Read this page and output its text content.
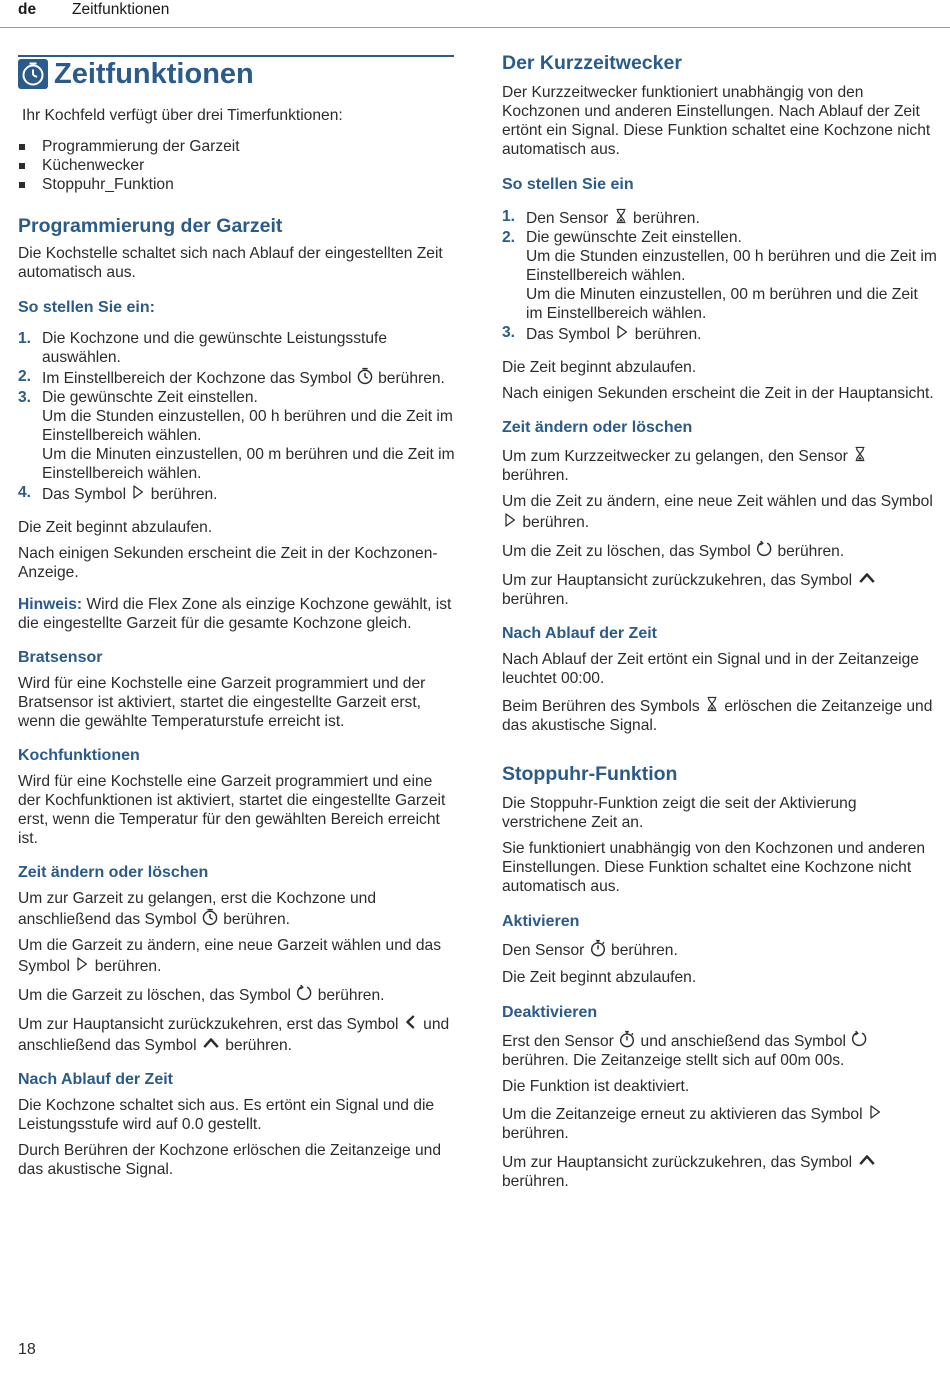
de Zeitfunktionen
Zeitfunktionen

Ihr Kochfeld verfügt über drei Timerfunktionen:

Programmierung der Garzeit
Küchenwecker
Stoppuhr_Funktion
Programmierung der Garzeit

Die Kochstelle schaltet sich nach Ablauf der eingestellten Zeit automatisch aus.

So stellen Sie ein:
1. Die Kochzone und die gewünschte Leistungsstufe auswählen.
2. Im Einstellbereich der Kochzone das Symbol berühren.
3. Die gewünschte Zeit einstellen.
Um die Stunden einzustellen, 00 h berühren und die Zeit im Einstellbereich wählen.
Um die Minuten einzustellen, 00 m berühren und die Zeit im Einstellbereich wählen.
4. Das Symbol berühren.

Die Zeit beginnt abzulaufen.

Nach einigen Sekunden erscheint die Zeit in der Kochzonen-Anzeige.

Hinweis: Wird die Flex Zone als einzige Kochzone gewählt, ist die eingestellte Garzeit für die gesamte Kochzone gleich.

Bratsensor

Wird für eine Kochstelle eine Garzeit programmiert und der Bratsensor ist aktiviert, startet die eingestellte Garzeit erst, wenn die gewählte Temperaturstufe erreicht ist.

Kochfunktionen

Wird für eine Kochstelle eine Garzeit programmiert und eine der Kochfunktionen ist aktiviert, startet die eingestellte Garzeit erst, wenn die Temperatur für den gewählten Bereich erreicht ist.

Zeit ändern oder löschen

Um zur Garzeit zu gelangen, erst die Kochzone und anschließend das Symbol berühren.

Um die Garzeit zu ändern, eine neue Garzeit wählen und das Symbol berühren.

Um die Garzeit zu löschen, das Symbol berühren.

Um zur Hauptansicht zurückzukehren, erst das Symbol und anschließend das Symbol berühren.

Nach Ablauf der Zeit

Die Kochzone schaltet sich aus. Es ertönt ein Signal und die Leistungsstufe wird auf 0.0 gestellt.

Durch Berühren der Kochzone erlöschen die Zeitanzeige und das akustische Signal.

Der Kurzzeitwecker

Der Kurzzeitwecker funktioniert unabhängig von den Kochzonen und anderen Einstellungen. Nach Ablauf der Zeit ertönt ein Signal. Diese Funktion schaltet eine Kochzone nicht automatisch aus.

So stellen Sie ein
1. Den Sensor berühren.
2. Die gewünschte Zeit einstellen.
Um die Stunden einzustellen, 00 h berühren und die Zeit im Einstellbereich wählen.
Um die Minuten einzustellen, 00 m berühren und die Zeit im Einstellbereich wählen.
3. Das Symbol berühren.

Die Zeit beginnt abzulaufen.

Nach einigen Sekunden erscheint die Zeit in der Hauptansicht.

Zeit ändern oder löschen

Um zum Kurzzeitwecker zu gelangen, den Sensor  berühren.

Um die Zeit zu ändern, eine neue Zeit wählen und das Symbol  berühren.

Um die Zeit zu löschen, das Symbol berühren.

Um zur Hauptansicht zurückzukehren, das Symbol  berühren.

Nach Ablauf der Zeit

Nach Ablauf der Zeit ertönt ein Signal und in der Zeitanzeige leuchtet 00:00.

Beim Berühren des Symbols erlöschen die Zeitanzeige und das akustische Signal.

Stoppuhr-Funktion

Die Stoppuhr-Funktion zeigt die seit der Aktivierung verstrichene Zeit an.

Sie funktioniert unabhängig von den Kochzonen und anderen Einstellungen. Diese Funktion schaltet eine Kochzone nicht automatisch aus.

Aktivieren

Den Sensor berühren.

Die Zeit beginnt abzulaufen.

Deaktivieren

Erst den Sensor und anschießend das Symbol  berühren. Die Zeitanzeige stellt sich auf 00m 00s.

Die Funktion ist deaktiviert.

Um die Zeitanzeige erneut zu aktivieren das Symbol  berühren.

Um zur Hauptansicht zurückzukehren, das Symbol  berühren.

18
